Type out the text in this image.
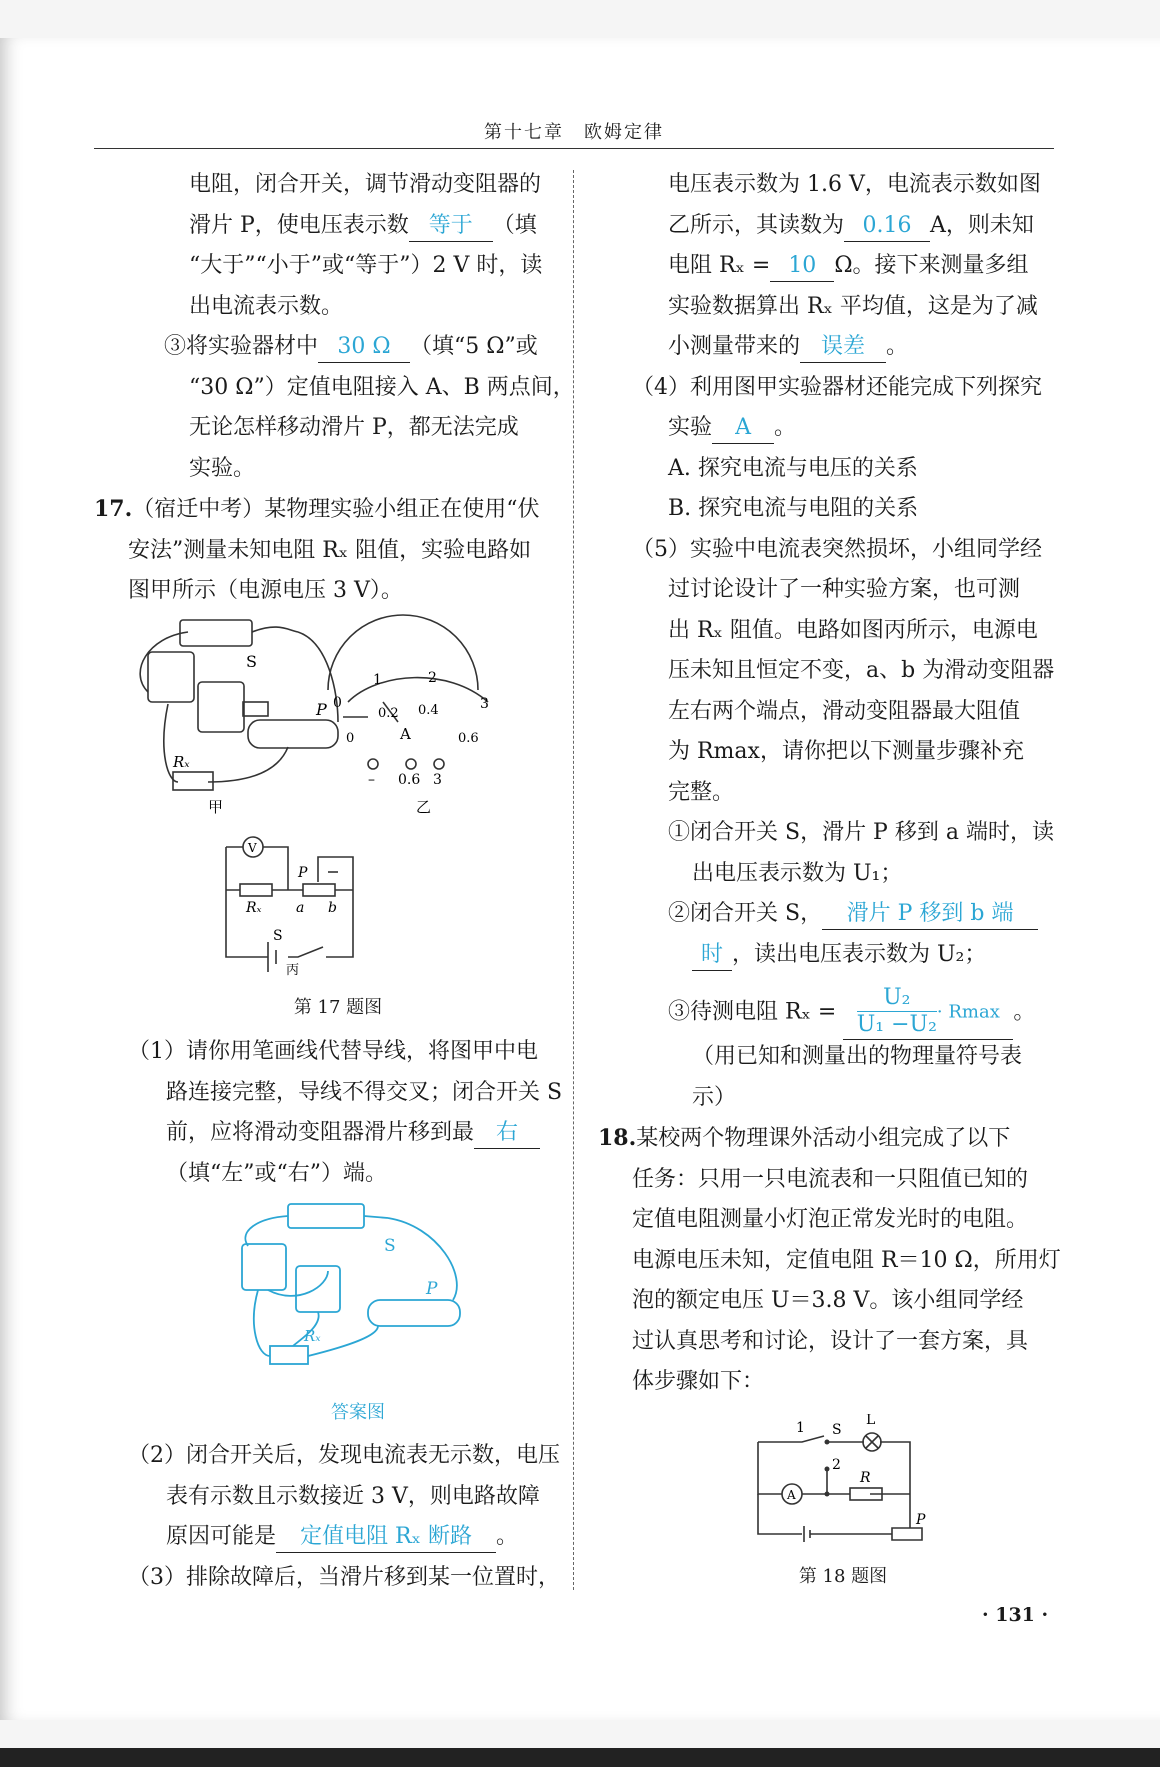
第十七章　欧姆定律
电阻，闭合开关，调节滑动变阻器的
滑片 P，使电压表示数 等于 （填
“大于”“小于”或“等于”）2 V 时，读
出电流表示数。
③将实验器材中 30 Ω （填“5 Ω”或
“30 Ω”）定值电阻接入 A、B 两点间，
无论怎样移动滑片 P，都无法完成
实验。
17.（宿迁中考）某物理实验小组正在使用“伏
安法”测量未知电阻 Rₓ 阻值，实验电路如
图甲所示（电源电压 3 V）。
S
P
Rₓ
0
1	2
3
0
0.2 0.4
0.6
A
– 0.6 3
甲	乙
V
P
Rₓ a b
S
丙
第 17 题图
（1）请你用笔画线代替导线，将图甲中电
路连接完整，导线不得交叉；闭合开关 S
前，应将滑动变阻器滑片移到最 右
（填“左”或“右”）端。
S
P
Rₓ
答案图
（2）闭合开关后，发现电流表无示数，电压
表有示数且示数接近 3 V，则电路故障
原因可能是 定值电阻 Rₓ 断路 。
（3）排除故障后，当滑片移到某一位置时，
电压表示数为 1.6 V，电流表示数如图
乙所示，其读数为 0.16 A，则未知
电阻 Rₓ = 10 Ω。接下来测量多组
实验数据算出 Rₓ 平均值，这是为了减
小测量带来的 误差 。
（4）利用图甲实验器材还能完成下列探究
实验 A 。
A. 探究电流与电压的关系
B. 探究电流与电阻的关系
（5）实验中电流表突然损坏，小组同学经
过讨论设计了一种实验方案，也可测
出 Rₓ 阻值。电路如图丙所示，电源电
压未知且恒定不变，a、b 为滑动变阻器
左右两个端点，滑动变阻器最大阻值
为 Rmax，请你把以下测量步骤补充
完整。
①闭合开关 S，滑片 P 移到 a 端时，读
出电压表示数为 U₁；
②闭合开关 S， 滑片 P 移到 b 端
时 ，读出电压表示数为 U₂；
③待测电阻 $R_x = \frac{\text{U₂}}{\text{U₁ −U₂}} \cdot Rmax$ 。
（用已知和测量出的物理量符号表
示）
18.某校两个物理课外活动小组完成了以下
任务：只用一只电流表和一只阻值已知的
定值电阻测量小灯泡正常发光时的电阻。
电源电压未知，定值电阻 R＝10 Ω，所用灯
泡的额定电压 U＝3.8 V。该小组同学经
过认真思考和讨论，设计了一套方案，具
体步骤如下：
1 S
L
2
A
R
P
第 18 题图
· 131 ·
